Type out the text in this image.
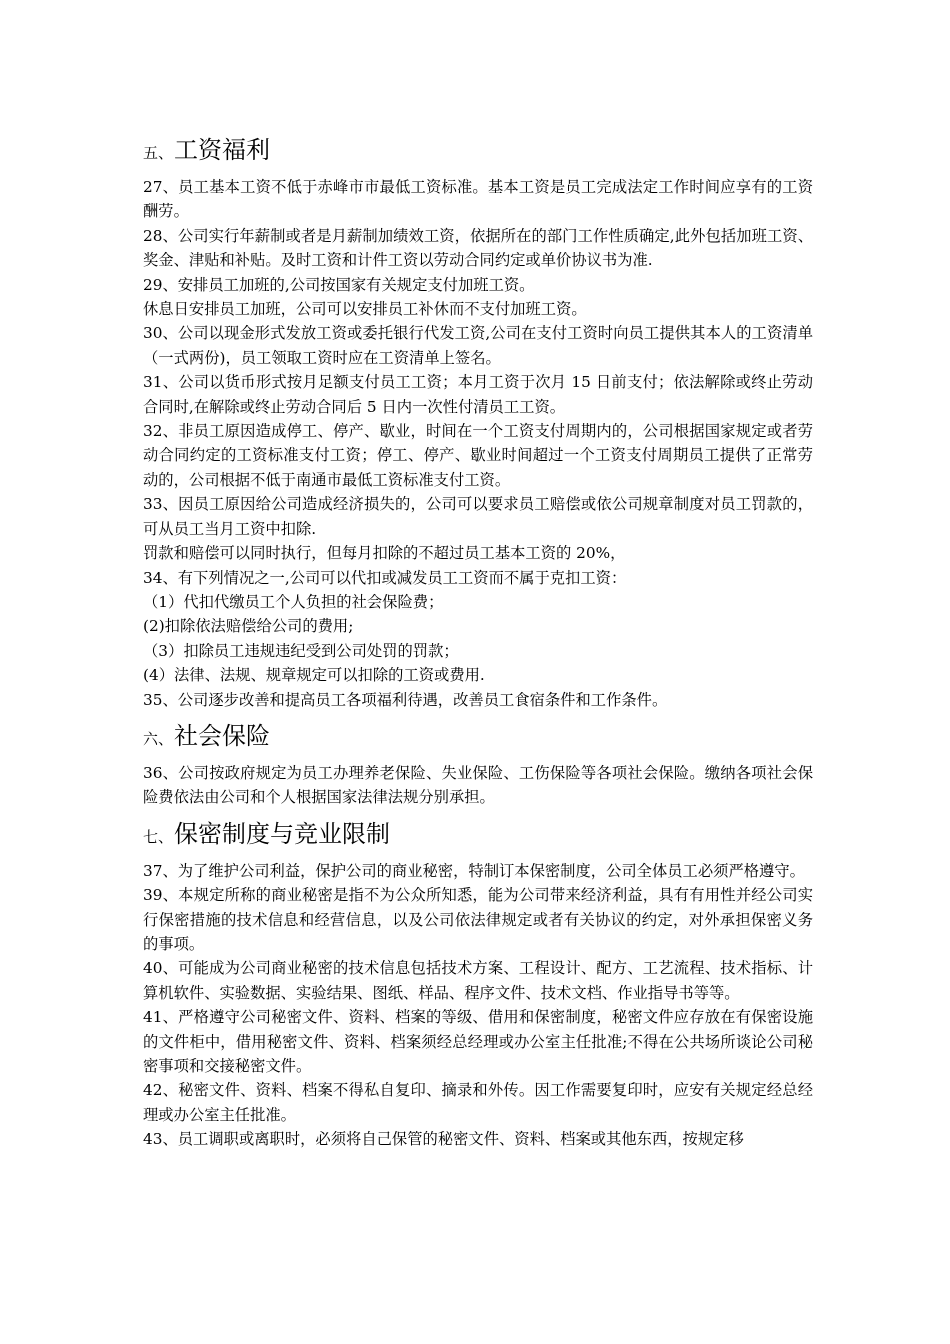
五、工资福利

27、员工基本工资不低于赤峰市市最低工资标准。基本工资是员工完成法定工作时间应享有的工资酬劳。

28、公司实行年薪制或者是月薪制加绩效工资，依据所在的部门工作性质确定,此外包括加班工资、奖金、津贴和补贴。及时工资和计件工资以劳动合同约定或单价协议书为准.

29、安排员工加班的,公司按国家有关规定支付加班工资。

休息日安排员工加班，公司可以安排员工补休而不支付加班工资。

30、公司以现金形式发放工资或委托银行代发工资,公司在支付工资时向员工提供其本人的工资清单（一式两份)，员工领取工资时应在工资清单上签名。

31、公司以货币形式按月足额支付员工工资；本月工资于次月 15 日前支付；依法解除或终止劳动合同时,在解除或终止劳动合同后 5 日内一次性付清员工工资。

32、非员工原因造成停工、停产、歇业，时间在一个工资支付周期内的，公司根据国家规定或者劳动合同约定的工资标准支付工资；停工、停产、歇业时间超过一个工资支付周期员工提供了正常劳动的，公司根据不低于南通市最低工资标准支付工资。

33、因员工原因给公司造成经济损失的，公司可以要求员工赔偿或依公司规章制度对员工罚款的，可从员工当月工资中扣除.

罚款和赔偿可以同时执行，但每月扣除的不超过员工基本工资的 20%，

34、有下列情况之一,公司可以代扣或减发员工工资而不属于克扣工资：

（1）代扣代缴员工个人负担的社会保险费；

(2)扣除依法赔偿给公司的费用;

（3）扣除员工违规违纪受到公司处罚的罚款；

(4）法律、法规、规章规定可以扣除的工资或费用.

35、公司逐步改善和提高员工各项福利待遇，改善员工食宿条件和工作条件。

六、社会保险

36、公司按政府规定为员工办理养老保险、失业保险、工伤保险等各项社会保险。缴纳各项社会保险费依法由公司和个人根据国家法律法规分别承担。

七、保密制度与竞业限制

37、为了维护公司利益，保护公司的商业秘密，特制订本保密制度，公司全体员工必须严格遵守。

39、本规定所称的商业秘密是指不为公众所知悉，能为公司带来经济利益，具有有用性并经公司实行保密措施的技术信息和经营信息，以及公司依法律规定或者有关协议的约定，对外承担保密义务的事项。

40、可能成为公司商业秘密的技术信息包括技术方案、工程设计、配方、工艺流程、技术指标、计算机软件、实验数据、实验结果、图纸、样品、程序文件、技术文档、作业指导书等等。

41、严格遵守公司秘密文件、资料、档案的等级、借用和保密制度，秘密文件应存放在有保密设施的文件柜中，借用秘密文件、资料、档案须经总经理或办公室主任批准;不得在公共场所谈论公司秘密事项和交接秘密文件。

42、秘密文件、资料、档案不得私自复印、摘录和外传。因工作需要复印时，应安有关规定经总经理或办公室主任批准。

43、员工调职或离职时，必须将自己保管的秘密文件、资料、档案或其他东西，按规定移
